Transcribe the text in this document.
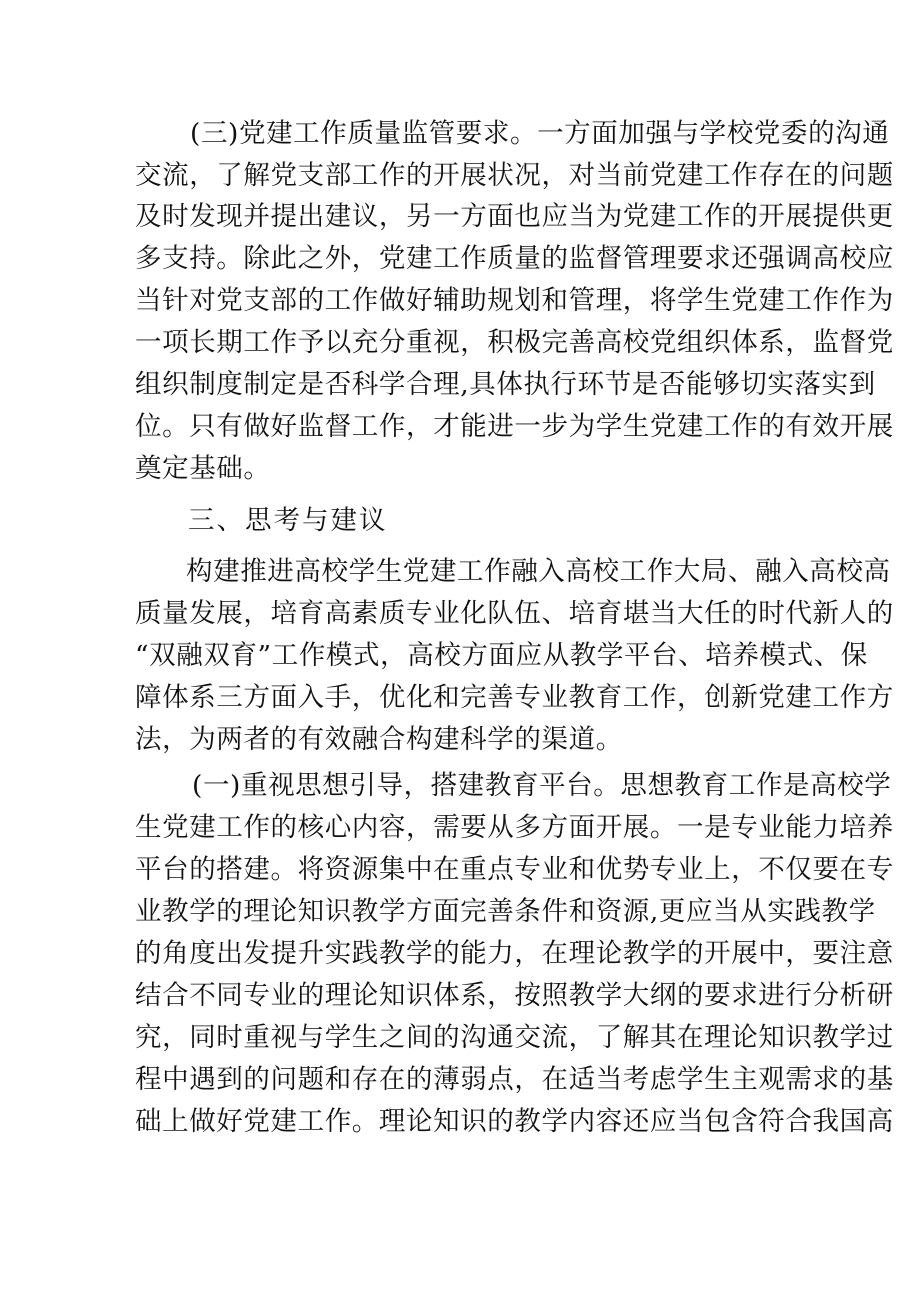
(三)党建工作质量监管要求。一方面加强与学校党委的沟通
交流，了解党支部工作的开展状况，对当前党建工作存在的问题
及时发现并提出建议，另一方面也应当为党建工作的开展提供更
多支持。除此之外，党建工作质量的监督管理要求还强调高校应
当针对党支部的工作做好辅助规划和管理，将学生党建工作作为
一项长期工作予以充分重视，积极完善高校党组织体系，监督党
组织制度制定是否科学合理,具体执行环节是否能够切实落实到
位。只有做好监督工作，才能进一步为学生党建工作的有效开展
奠定基础。
三、思考与建议
构建推进高校学生党建工作融入高校工作大局、融入高校高
质量发展，培育高素质专业化队伍、培育堪当大任的时代新人的
“双融双育”工作模式，高校方面应从教学平台、培养模式、保
障体系三方面入手，优化和完善专业教育工作，创新党建工作方
法，为两者的有效融合构建科学的渠道。
(一)重视思想引导，搭建教育平台。思想教育工作是高校学
生党建工作的核心内容，需要从多方面开展。一是专业能力培养
平台的搭建。将资源集中在重点专业和优势专业上，不仅要在专
业教学的理论知识教学方面完善条件和资源,更应当从实践教学
的角度出发提升实践教学的能力，在理论教学的开展中，要注意
结合不同专业的理论知识体系，按照教学大纲的要求进行分析研
究，同时重视与学生之间的沟通交流，了解其在理论知识教学过
程中遇到的问题和存在的薄弱点，在适当考虑学生主观需求的基
础上做好党建工作。理论知识的教学内容还应当包含符合我国高
